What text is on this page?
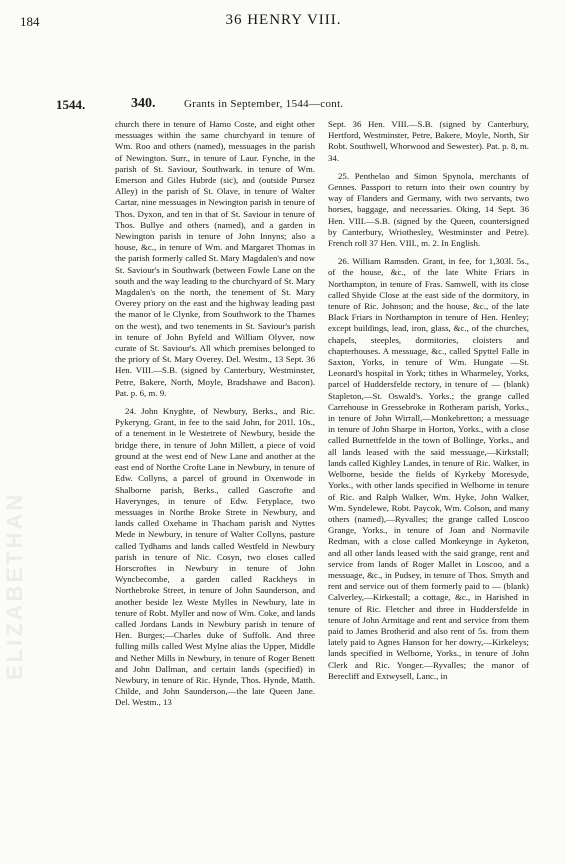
ELIZABETHAN
184	36 HENRY VIII.
1544.	340.	Grants in September, 1544—cont.

church there in tenure of Hamo Coste, and eight other messuages within the same churchyard in tenure of Wm. Roo and others (named), messuages in the parish of Newington. Surr., in tenure of Laur. Fynche, in the parish of St. Saviour, Southwark. in tenure of Wm. Emerson and Giles Hubrde (sic), and (outside Pursez Alley) in the parish of St. Olave, in tenure of Walter Cartar, nine messuages in Newington parish in tenure of Thos. Dyxon, and ten in that of St. Saviour in tenure of Thos. Bullye and others (named), and a garden in Newington parish in tenure of John Innyns; also a house, &c., in tenure of Wm. and Margaret Thomas in the parish formerly called St. Mary Magdalen's and now St. Saviour's in Southwark (between Fowle Lane on the south and the way leading to the churchyard of St. Mary Magdalen's on the north, the tenement of St. Mary Overey priory on the east and the highway leading past the manor of le Clynke, from Southwork to the Thames on the west), and two tenements in St. Saviour's parish in tenure of John Byfeld and William Olyver, now curate of St. Saviour's. All which premises belonged to the priory of St. Mary Overey. Del. Westm., 13 Sept. 36 Hen. VIII.—S.B. (signed by Canterbury, Westminster, Petre, Bakere, North, Moyle, Bradshawe and Bacon). Pat. p. 6, m. 9.

24. John Knyghte, of Newbury, Berks., and Ric. Pykeryng. Grant, in fee to the said John, for 201l. 10s., of a tenement in le Westetrete of Newbury, beside the bridge there, in tenure of John Millett, a piece of void ground at the west end of New Lane and another at the east end of Northe Crofte Lane in Newbury, in tenure of Edw. Collyns, a parcel of ground in Oxenwode in Shalborne parish, Berks., called Gascrofte and Haverynges, in tenure of Edw. Fetyplace, two messuages in Northe Broke Strete in Newbury, and lands called Oxehame in Thacham parish and Nyttes Mede in Newbury, in tenure of Walter Collyns, pasture called Tydhams and lands called Westfeld in Newbury parish in tenure of Nic. Cosyn, two closes called Horscroftes in Newbury in tenure of John Wyncbecombe, a garden called Rackheys in Northebroke Street, in tenure of John Saunderson, and another beside lez Weste Mylles in Newbury, late in tenure of Robt. Myller and now of Wm. Coke, and lands called Jordans Lands in Newbury parish in tenure of Hen. Burges;—Charles duke of Suffolk. And three fulling mills called West Mylne alias the Upper, Middle and Nether Mills in Newbury, in tenure of Roger Benett and John Dallman, and certain lands (specified) in Newbury, in tenure of Ric. Hynde, Thos. Hynde, Matth. Childe, and John Saunderson,—the late Queen Jane. Del. Westm., 13

Sept. 36 Hen. VIII.—S.B. (signed by Canterbury, Hertford, Westminster, Petre, Bakere, Moyle, North, Sir Robt. Southwell, Whorwood and Sewester). Pat. p. 8, m. 34.

25. Penthelao and Simon Spynola, merchants of Gennes. Passport to return into their own country by way of Flanders and Germany, with two servants, two horses, baggage, and necessaries. Oking, 14 Sept. 36 Hen. VIII.—S.B. (signed by the Queen, countersigned by Canterbury, Wriothesley, Westminster and Petre). French roll 37 Hen. VIII., m. 2. In English.

26. William Ramsden. Grant, in fee, for 1,303l. 5s., of the house, &c., of the late White Friars in Northampton, in tenure of Fras. Samwell, with its close called Shyide Close at the east side of the dormitory, in tenure of Ric. Johnson; and the house, &c., of the late Black Friars in Northampton in tenure of Hen. Henley; except buildings, lead, iron, glass, &c., of the churches, chapels, steeples, dormitories, cloisters and chapterhouses. A messuage, &c., called Spyttel Falle in Saxton, Yorks, in tenure of Wm. Hungate —St. Leonard's hospital in York; tithes in Wharmeley, Yorks, parcel of Huddersfelde rectory, in tenure of — (blank) Stapleton,—St. Oswald's. Yorks.; the grange called Carrehouse in Gressebroke in Rotheram parish, Yorks., in tenure of John Wirrall,—Monkebretton; a messuage in tenure of John Sharpe in Horton, Yorks., with a close called Burnettfelde in the town of Bollinge, Yorks., and all lands leased with the said messuage,—Kirkstall; lands called Kighley Landes, in tenure of Ric. Walker, in Welborne, beside the fields of Kyrkeby Moresyde, Yorks., with other lands specified in Welborne in tenure of Ric. and Ralph Walker, Wm. Hyke, John Walker, Wm. Syndelewe, Robt. Paycok, Wm. Colson, and many others (named),—Ryvalles; the grange called Loscoo Grange, Yorks., in tenure of Joan and Normavile Redman, with a close called Monkeynge in Ayketon, and all other lands leased with the said grange, rent and service from lands of Roger Mallet in Loscoo, and a messuage, &c., in Pudsey, in tenure of Thos. Smyth and rent and service out of them formerly paid to — (blank) Calverley,—Kirkestall; a cottage, &c., in Harished in tenure of Ric. Fletcher and three in Huddersfelde in tenure of John Armitage and rent and service from them paid to James Brotherid and also rent of 5s. from them lately paid to Agnes Hanson for her dowry,—Kirkeleys; lands specified in Welborne, Yorks., in tenure of John Clerk and Ric. Yonger.—Ryvalles; the manor of Berecliff and Extwysell, Lanc., in
